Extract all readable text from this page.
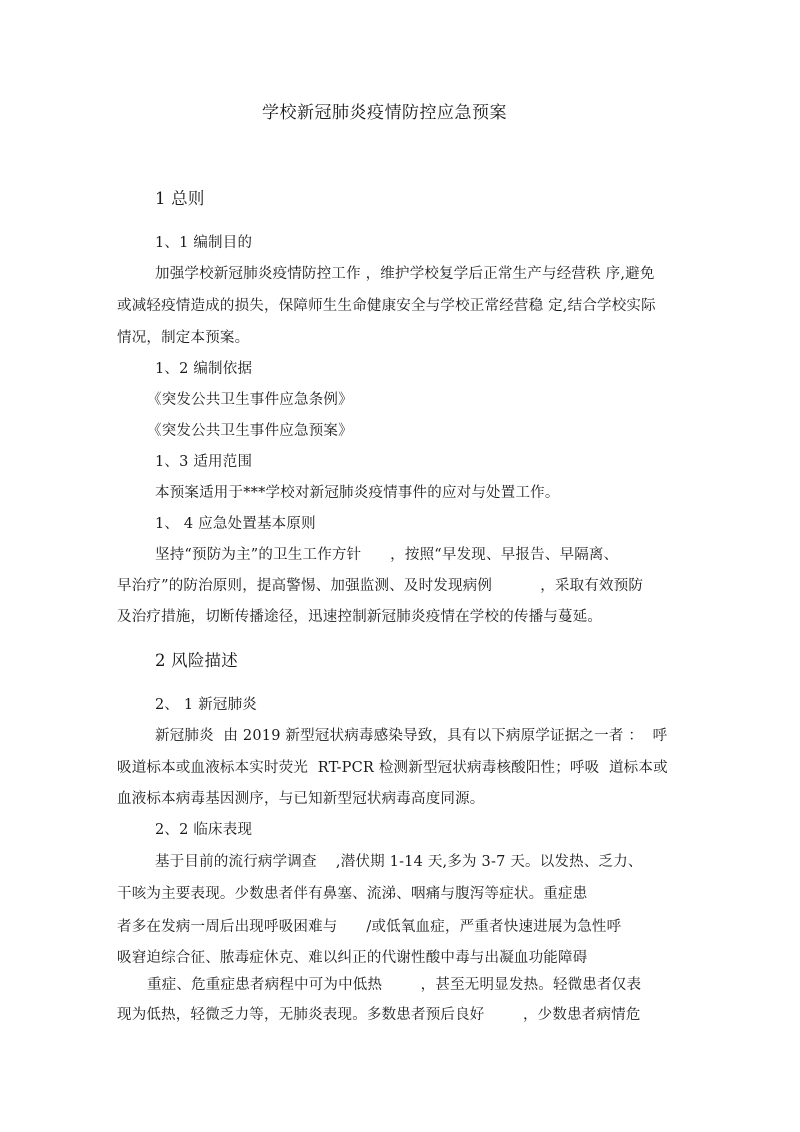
学校新冠肺炎疫情防控应急预案
1 总则
1、1 编制目的
加强学校新冠肺炎疫情防控工作 ，维护学校复学后正常生产与经营秩 序,避免
或减轻疫情造成的损失，保障师生生命健康安全与学校正常经营稳 定,结合学校实际
情况，制定本预案。
1、2 编制依据
《突发公共卫生事件应急条例》
《突发公共卫生事件应急预案》
1、3 适用范围
本预案适用于***学校对新冠肺炎疫情事件的应对与处置工作。
1、 4 应急处置基本原则
坚持“预防为主”的卫生工作方针      ，按照“早发现、早报告、早隔离、
早治疗”的防治原则，提高警惕、加强监测、及时发现病例          ，采取有效预防
及治疗措施，切断传播途径，迅速控制新冠肺炎疫情在学校的传播与蔓延。
2 风险描述
2、 1 新冠肺炎
新冠肺炎  由 2019 新型冠状病毒感染导致，具有以下病原学证据之一者 ：  呼
吸道标本或血液标本实时荧光  RT-PCR 检测新型冠状病毒核酸阳性；呼吸  道标本或
血液标本病毒基因测序，与已知新型冠状病毒高度同源。
2、2 临床表现
基于目前的流行病学调查    ,潜伏期 1-14 天,多为 3-7 天。以发热、乏力、
干咳为主要表现。少数患者伴有鼻塞、流涕、咽痛与腹泻等症状。重症患
者多在发病一周后出现呼吸困难与      /或低氧血症，严重者快速进展为急性呼
吸窘迫综合征、脓毒症休克、难以纠正的代谢性酸中毒与出凝血功能障碍
重症、危重症患者病程中可为中低热        ，甚至无明显发热。轻微患者仅表
现为低热，轻微乏力等，无肺炎表现。多数患者预后良好        ，少数患者病情危
